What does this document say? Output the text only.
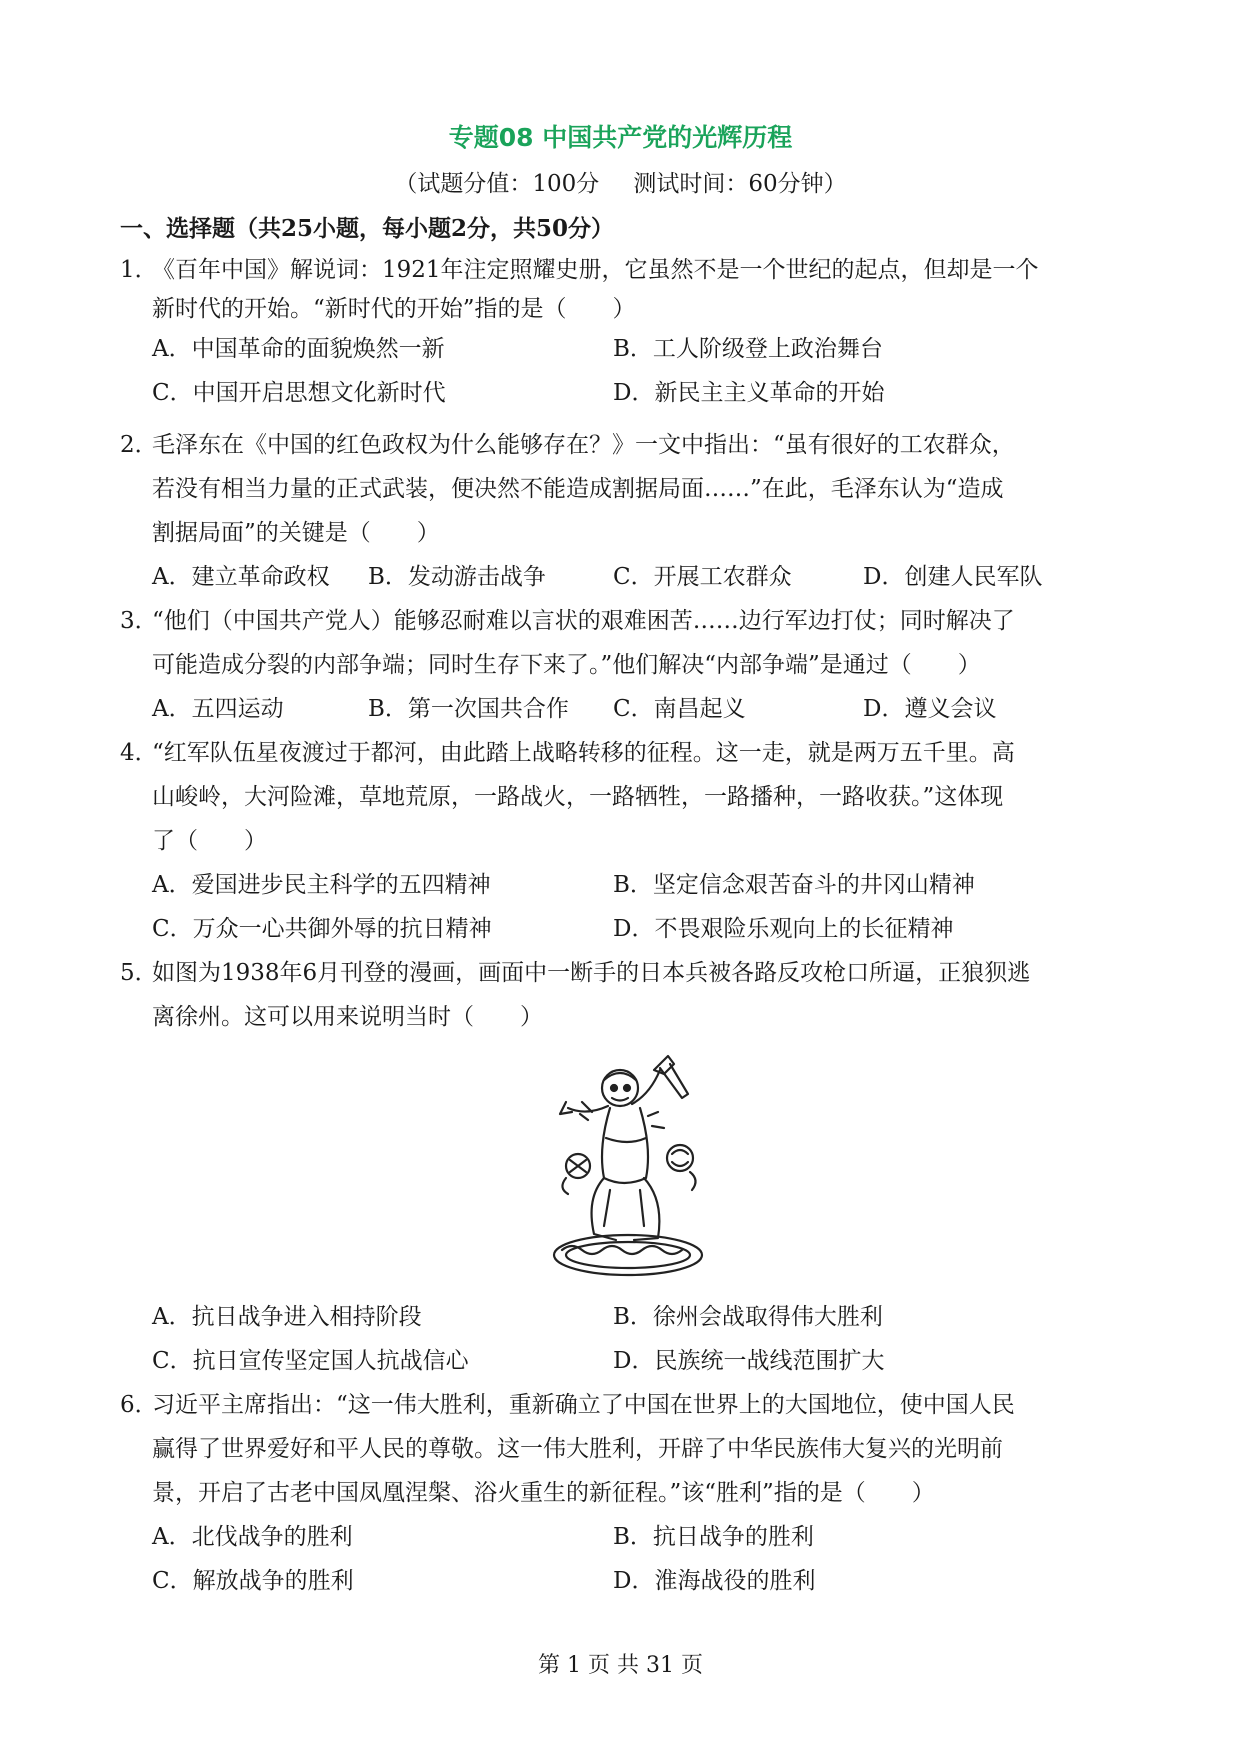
专题08 中国共产党的光辉历程
（试题分值：100分 测试时间：60分钟）
一、选择题（共25小题，每小题2分，共50分）
1．
《百年中国》解说词：1921年注定照耀史册，它虽然不是一个世纪的起点，但却是一个
新时代的开始。“新时代的开始”指的是（　　）
A．中国革命的面貌焕然一新	B．工人阶级登上政治舞台
C．中国开启思想文化新时代	D．新民主主义革命的开始
2．
毛泽东在《中国的红色政权为什么能够存在？》一文中指出：“虽有很好的工农群众，
若没有相当力量的正式武装，便决然不能造成割据局面……”在此，毛泽东认为“造成
割据局面”的关键是（　　）
A．建立革命政权 B．发动游击战争	C．开展工农群众	D．创建人民军队
3．
“他们（中国共产党人）能够忍耐难以言状的艰难困苦……边行军边打仗；同时解决了
可能造成分裂的内部争端；同时生存下来了。”他们解决“内部争端”是通过（　　）
A．五四运动	B．第一次国共合作 C．南昌起义	D．遵义会议
4．
“红军队伍星夜渡过于都河，由此踏上战略转移的征程。这一走，就是两万五千里。高
山峻岭，大河险滩，草地荒原，一路战火，一路牺牲，一路播种，一路收获。”这体现
了（　　）
A．爱国进步民主科学的五四精神	B．坚定信念艰苦奋斗的井冈山精神
C．万众一心共御外辱的抗日精神	D．不畏艰险乐观向上的长征精神
5．
如图为1938年6月刊登的漫画，画面中一断手的日本兵被各路反攻枪口所逼，正狼狈逃
离徐州。这可以用来说明当时（　　）
A．抗日战争进入相持阶段	B．徐州会战取得伟大胜利
C．抗日宣传坚定国人抗战信心	D．民族统一战线范围扩大
6．
习近平主席指出：“这一伟大胜利，重新确立了中国在世界上的大国地位，使中国人民
赢得了世界爱好和平人民的尊敬。这一伟大胜利，开辟了中华民族伟大复兴的光明前
景，开启了古老中国凤凰涅槃、浴火重生的新征程。”该“胜利”指的是（　　）
A．北伐战争的胜利	B．抗日战争的胜利
C．解放战争的胜利	D．淮海战役的胜利
第 1 页 共 31 页
